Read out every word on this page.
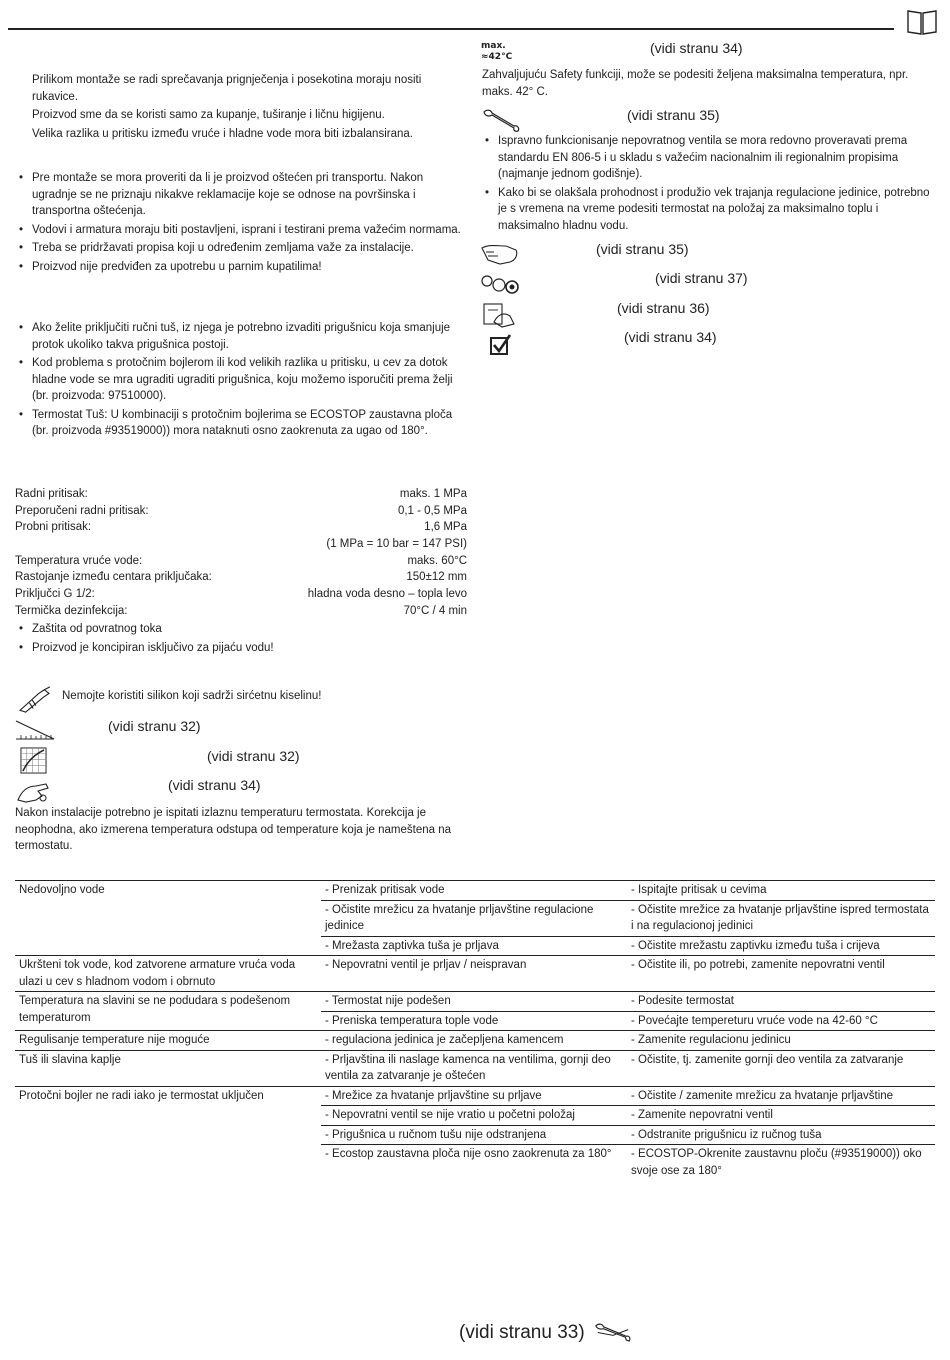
Prilikom montaže se radi sprečavanja prignječenja i posekotina moraju nositi rukavice.

Proizvod sme da se koristi samo za kupanje, tuširanje i ličnu higijenu.

Velika razlika u pritisku između vruće i hladne vode mora biti izbalansirana.

• Pre montaže se mora proveriti da li je proizvod oštećen pri transportu. Nakon ugradnje se ne priznaju nikakve reklamacije koje se odnose na površinska i transportna oštećenja.
• Vodovi i armatura moraju biti postavljeni, isprani i testirani prema važećim normama.
• Treba se pridržavati propisa koji u određenim zemljama važe za instalacije.
• Proizvod nije predviđen za upotrebu u parnim kupatilima!
• Ako želite priključiti ručni tuš, iz njega je potrebno izvaditi prigušnicu koja smanjuje protok ukoliko takva prigušnica postoji.
• Kod problema s protočnim bojlerom ili kod velikih razlika u pritisku, u cev za dotok hladne vode se mra ugraditi ugraditi prigušnica, koju možemo isporučiti prema želji (br. proizvoda: 97510000).
• Termostat Tuš: U kombinaciji s protočnim bojlerima se ECOSTOP zaustavna ploča (br. proizvoda #93519000)) mora nataknuti osno zaokrenuta za ugao od 180°.
Radni pritisak:	maks. 1 MPa
Preporučeni radni pritisak:	0,1 - 0,5 MPa
Probni pritisak:	1,6 MPa
(1 MPa = 10 bar = 147 PSI)
Temperatura vruće vode:	maks. 60°C
Rastojanje između centara priključaka:	150±12 mm
Priključci G 1/2:	hladna voda desno – topla levo
Termička dezinfekcija:	70°C / 4 min
• Zaštita od povratnog toka
• Proizvod je koncipiran isključivo za pijaću vodu!
Nemojte koristiti silikon koji sadrži sirćetnu kiselinu!
(vidi stranu 32)
(vidi stranu 32)
(vidi stranu 34)
Nakon instalacije potrebno je ispitati izlaznu temperaturu termostata. Korekcija je neophodna, ako izmerena temperatura odstupa od temperature koja je nameštena na termostatu.
max.
≈42°C
(vidi stranu 34)
Zahvaljujuću Safety funkciji, može se podesiti željena maksimalna temperatura, npr. maks. 42° C.
(vidi stranu 35)
• Ispravno funkcionisanje nepovratnog ventila se mora redovno proveravati prema standardu EN 806-5 i u skladu s važećim nacionalnim ili regionalnim propisima (najmanje jednom godišnje).
• Kako bi se olakšala prohodnost i produžio vek trajanja regulacione jedinice, potrebno je s vremena na vreme podesiti termostat na položaj za maksimalno toplu i maksimalno hladnu vodu.
(vidi stranu 35)
(vidi stranu 37)
(vidi stranu 36)
(vidi stranu 34)
Nedovoljno vode	- Prenizak pritisak vode	- Ispitajte pritisak u cevima
	- Očistite mrežicu za hvatanje prljavštine regulacione jedinice	- Očistite mrežice za hvatanje prljavštine ispred termostata i na regulacionoj jedinici
	- Mrežasta zaptivka tuša je prljava	- Očistite mrežastu zaptivku između tuša i crijeva
Ukršteni tok vode, kod zatvorene armature vruća voda ulazi u cev s hladnom vodom i obrnuto	- Nepovratni ventil je prljav / neispravan	- Očistite ili, po potrebi, zamenite nepovratni ventil
Temperatura na slavini se ne podudara s podešenom temperaturom	- Termostat nije podešen	- Podesite termostat
	- Preniska temperatura tople vode	- Povećajte tempereturu vruće vode na 42-60 °C
Regulisanje temperature nije moguće	- regulaciona jedinica je začepljena kamencem	- Zamenite regulacionu jedinicu
Tuš ili slavina kaplje	- Prljavština ili naslage kamenca na ventilima, gornji deo ventila za zatvaranje je oštećen	- Očistite, tj. zamenite gornji deo ventila za zatvaranje
Protočni bojler ne radi iako je termostat uključen	- Mrežice za hvatanje prljavštine su prljave	- Očistite / zamenite mrežicu za hvatanje prljavštine
	- Nepovratni ventil se nije vratio u početni položaj	- Zamenite nepovratni ventil
	- Prigušnica u ručnom tušu nije odstranjena	- Odstranite prigušnicu iz ručnog tuša
	- Ecostop zaustavna ploča nije osno zaokrenuta za 180°	- ECOSTOP-Okrenite zaustavnu ploču (#93519000)) oko svoje ose za 180°
(vidi stranu 33)
